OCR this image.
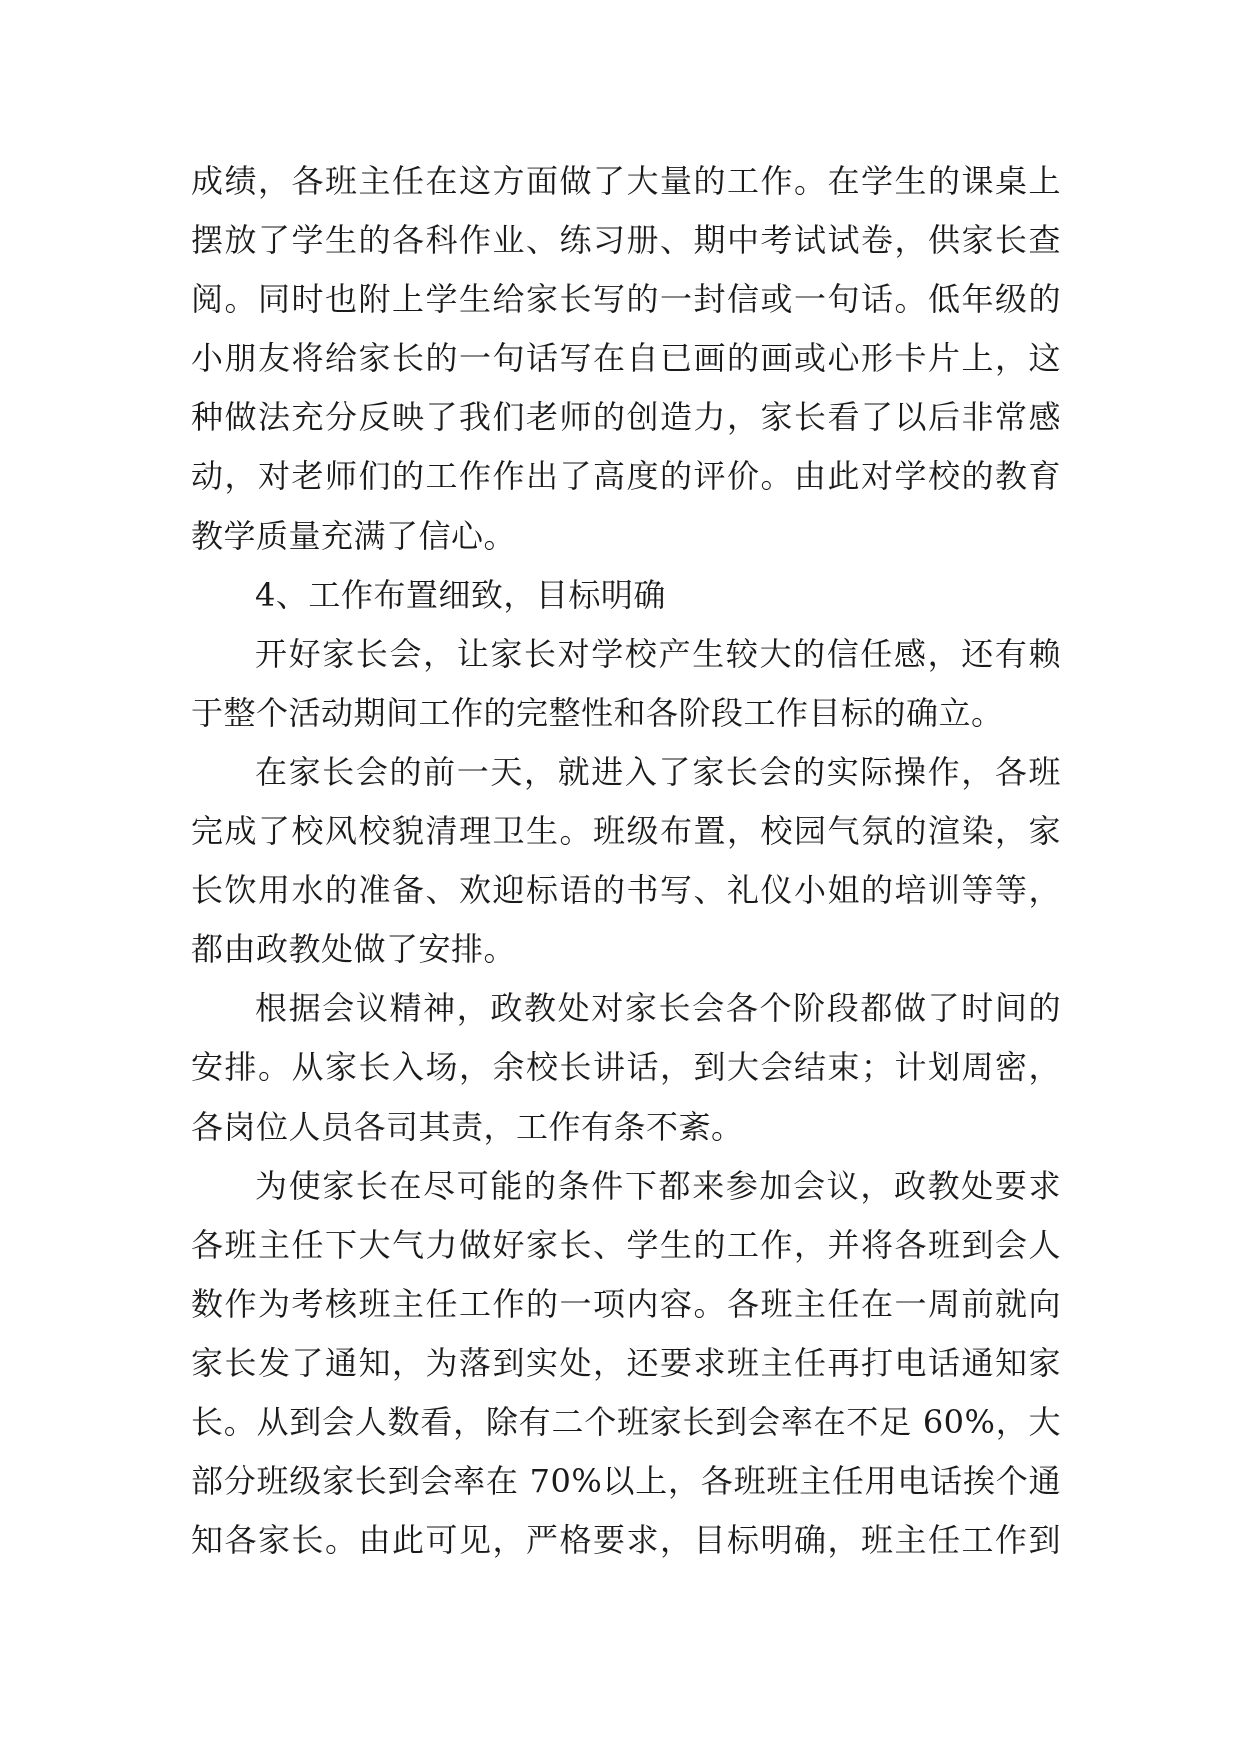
成绩，各班主任在这方面做了大量的工作。在学生的课桌上
摆放了学生的各科作业、练习册、期中考试试卷，供家长查
阅。同时也附上学生给家长写的一封信或一句话。低年级的
小朋友将给家长的一句话写在自已画的画或心形卡片上，这
种做法充分反映了我们老师的创造力，家长看了以后非常感
动，对老师们的工作作出了高度的评价。由此对学校的教育
教学质量充满了信心。
4、工作布置细致，目标明确
开好家长会，让家长对学校产生较大的信任感，还有赖
于整个活动期间工作的完整性和各阶段工作目标的确立。
在家长会的前一天，就进入了家长会的实际操作，各班
完成了校风校貌清理卫生。班级布置，校园气氛的渲染，家
长饮用水的准备、欢迎标语的书写、礼仪小姐的培训等等，
都由政教处做了安排。
根据会议精神，政教处对家长会各个阶段都做了时间的
安排。从家长入场，余校长讲话，到大会结束；计划周密，
各岗位人员各司其责，工作有条不紊。
为使家长在尽可能的条件下都来参加会议，政教处要求
各班主任下大气力做好家长、学生的工作，并将各班到会人
数作为考核班主任工作的一项内容。各班主任在一周前就向
家长发了通知，为落到实处，还要求班主任再打电话通知家
长。从到会人数看，除有二个班家长到会率在不足 60%，大
部分班级家长到会率在 70%以上，各班班主任用电话挨个通
知各家长。由此可见，严格要求，目标明确，班主任工作到
